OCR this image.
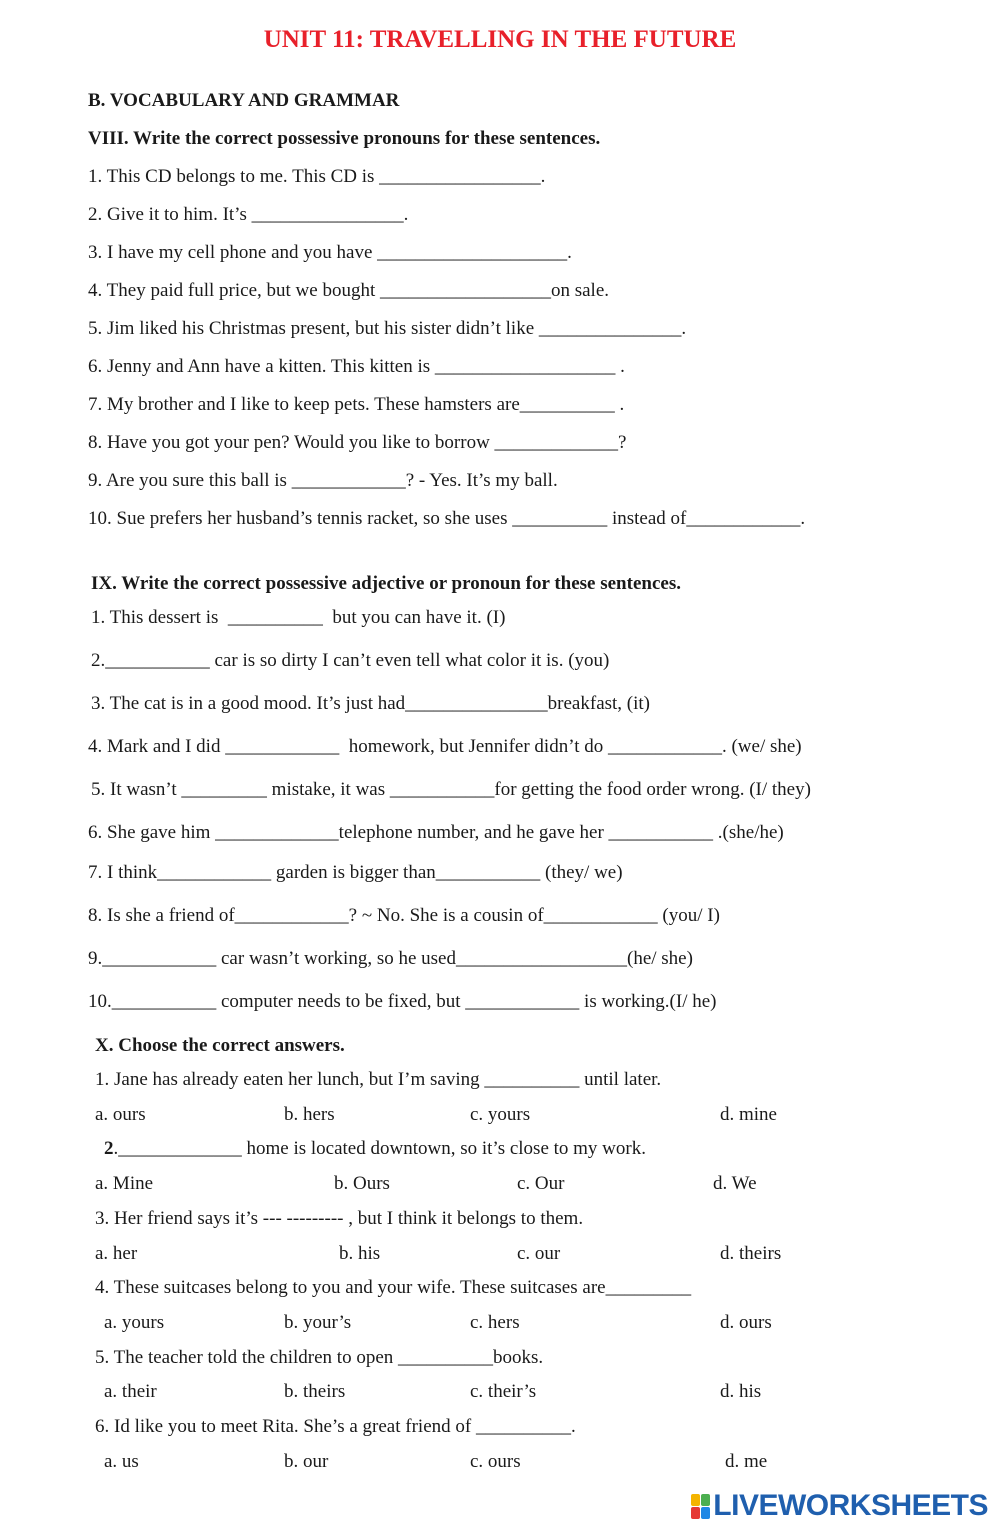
UNIT 11: TRAVELLING IN THE FUTURE
B. VOCABULARY AND GRAMMAR
VIII. Write the correct possessive pronouns for these sentences.
1. This CD belongs to me. This CD is _________________.
2. Give it to him. It’s ________________.
3. I have my cell phone and you have ____________________.
4. They paid full price, but we bought __________________on sale.
5. Jim liked his Christmas present, but his sister didn’t like _______________.
6. Jenny and Ann have a kitten. This kitten is ___________________ .
7. My brother and I like to keep pets. These hamsters are__________ .
8. Have you got your pen? Would you like to borrow _____________?
9. Are you sure this ball is ____________? - Yes. It’s my ball.
10. Sue prefers her husband’s tennis racket, so she uses __________ instead of____________.
IX. Write the correct possessive adjective or pronoun for these sentences.
1. This dessert is  __________  but you can have it. (I)
2.___________ car is so dirty I can’t even tell what color it is. (you)
3. The cat is in a good mood. It’s just had_______________breakfast, (it)
4. Mark and I did ____________  homework, but Jennifer didn’t do ____________. (we/ she)
5. It wasn’t _________ mistake, it was ___________for getting the food order wrong. (I/ they)
6. She gave him _____________telephone number, and he gave her ___________ .(she/he)
7. I think____________ garden is bigger than___________ (they/ we)
8. Is she a friend of____________? ~ No. She is a cousin of____________ (you/ I)
9.____________ car wasn’t working, so he used__________________(he/ she)
10.___________ computer needs to be fixed, but ____________ is working.(I/ he)
X. Choose the correct answers.
1. Jane has already eaten her lunch, but I’m saving __________ until later.
a. ours	b. hers	c. yours	d. mine
2._____________ home is located downtown, so it’s close to my work.
a. Mine	b. Ours	c. Our	d. We
3. Her friend says it’s --- --------- , but I think it belongs to them.
a. her	b. his	c. our	d. theirs
4. These suitcases belong to you and your wife. These suitcases are_________
a. yours	b. your’s	c. hers	d. ours
5. The teacher told the children to open __________books.
a. their	b. theirs	c. their’s	d. his
6. Id like you to meet Rita. She’s a great friend of __________.
a. us	b. our	c. ours	d. me
LIVEWORKSHEETS
